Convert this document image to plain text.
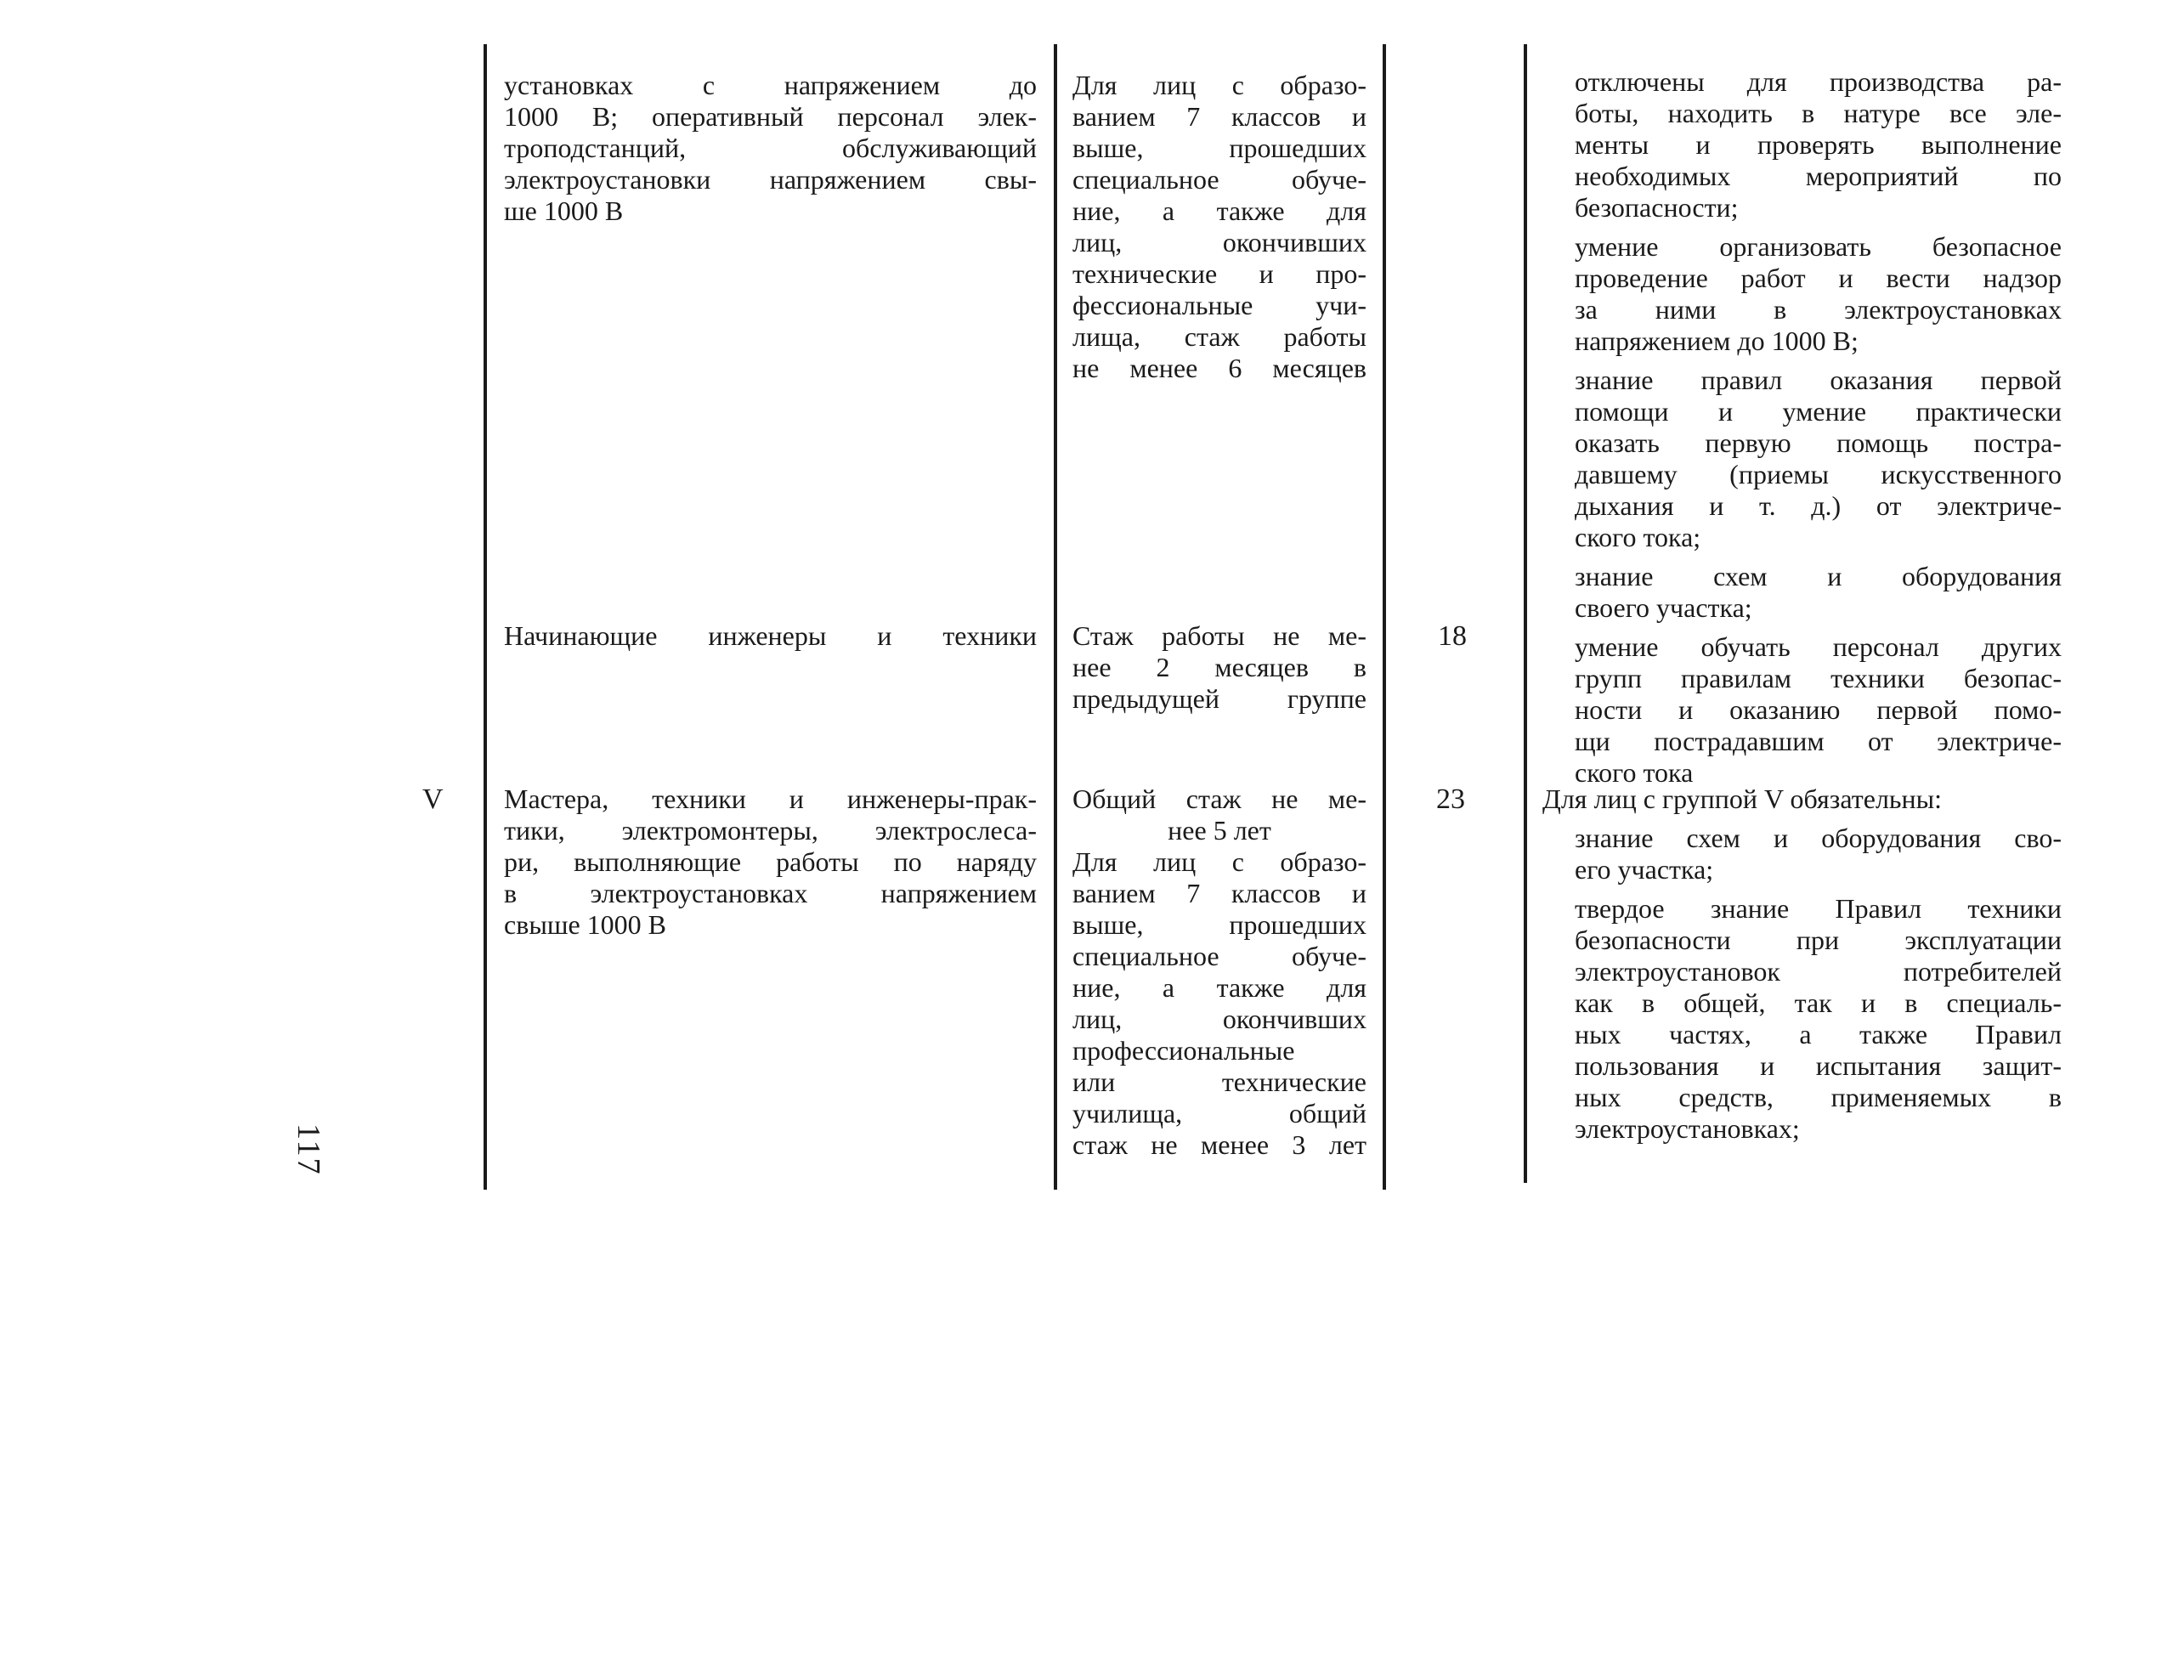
117
V
установках с напряжением до
1000 В; оперативный персонал элек-
троподстанций, обслуживающий
электроустановки напряжением свы-
ше 1000 В
Начинающие инженеры и техники
Мастера, техники и инженеры-прак-
тики, электромонтеры, электрослеса-
ри, выполняющие работы по наряду
в электроустановках напряжением
свыше 1000 В
Для лиц с образо-
ванием 7 классов и
выше, прошедших
специальное обуче-
ние, а также для
лиц, окончивших
технические и про-
фессиональные учи-
лища, стаж работы
не менее 6 месяцев
Стаж работы не ме-
нее 2 месяцев в
предыдущей группе
Общий стаж не ме-
нее 5 лет
Для лиц с образо-
ванием 7 классов и
выше, прошедших
специальное обуче-
ние, а также для
лиц, окончивших
профессиональные
или технические
училища, общий
стаж не менее 3 лет
18
23
отключены для производства ра-
боты, находить в натуре все эле-
менты и проверять выполнение
необходимых мероприятий по
безопасности;
умение организовать безопасное
проведение работ и вести надзор
за ними в электроустановках
напряжением до 1000 В;
знание правил оказания первой
помощи и умение практически
оказать первую помощь постра-
давшему (приемы искусственного
дыхания и т. д.) от электриче-
ского тока;
знание схем и оборудования
своего участка;
умение обучать персонал других
групп правилам техники безопас-
ности и оказанию первой помо-
щи пострадавшим от электриче-
ского тока
Для лиц с группой V обязательны:
знание схем и оборудования сво-
его участка;
твердое знание Правил техники
безопасности при эксплуатации
электроустановок потребителей
как в общей, так и в специаль-
ных частях, а также Правил
пользования и испытания защит-
ных средств, применяемых в
электроустановках;
